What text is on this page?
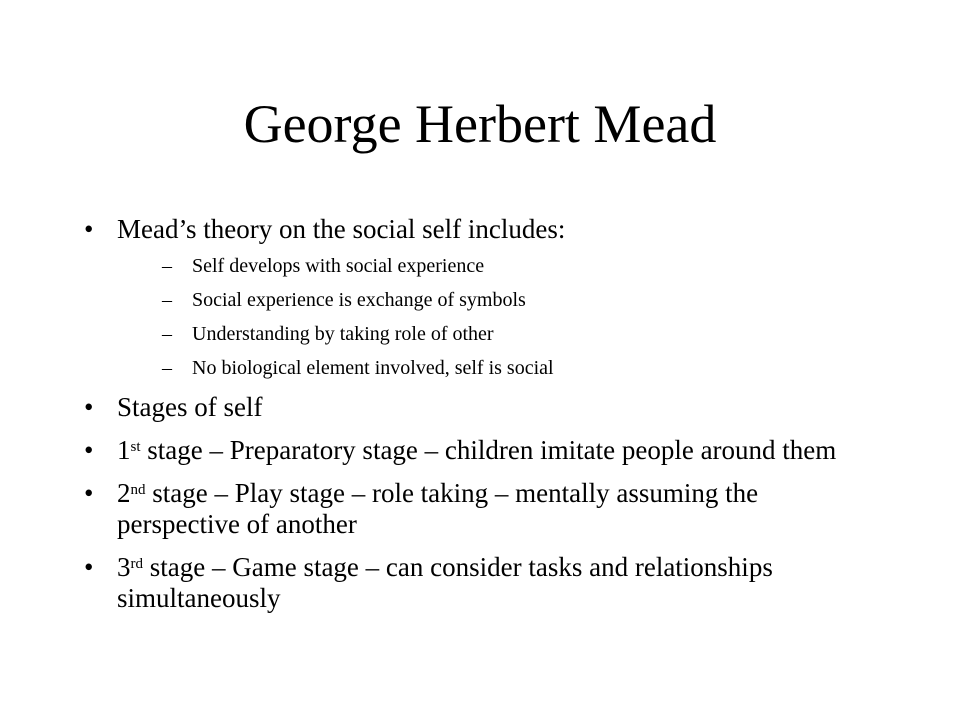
George Herbert Mead
• Mead’s theory on the social self includes:
– Self develops with social experience
– Social experience is exchange of symbols
– Understanding by taking role of other
– No biological element involved, self is social
• Stages of self
• 1st stage – Preparatory stage – children imitate people around them
• 2nd stage – Play stage – role taking – mentally assuming the perspective of another
• 3rd stage – Game stage – can consider tasks and relationships simultaneously
